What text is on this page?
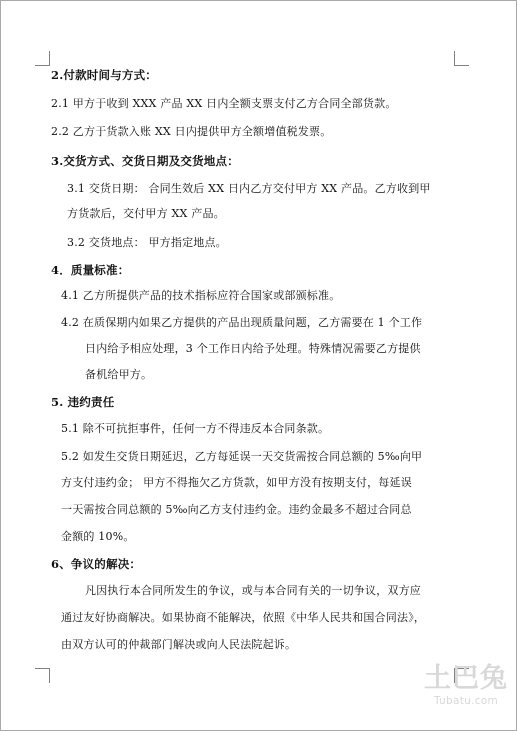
2.付款时间与方式：
2.1 甲方于收到 XXX 产品 XX 日内全额支票支付乙方合同全部货款。
2.2 乙方于货款入账 XX 日内提供甲方全额增值税发票。
3.交货方式、交货日期及交货地点：
3.1 交货日期： 合同生效后 XX 日内乙方交付甲方 XX 产品。乙方收到甲
方货款后，交付甲方 XX 产品。
3.2 交货地点： 甲方指定地点。
4．质量标准：
4.1 乙方所提供产品的技术指标应符合国家或部颁标准。
4.2 在质保期内如果乙方提供的产品出现质量问题，乙方需要在 1 个工作
日内给予相应处理，3 个工作日内给予处理。特殊情况需要乙方提供
备机给甲方。
5. 违约责任
5.1 除不可抗拒事件，任何一方不得违反本合同条款。
5.2 如发生交货日期延迟，乙方每延误一天交货需按合同总额的 5‰向甲
方支付违约金； 甲方不得拖欠乙方货款，如甲方没有按期支付，每延误
一天需按合同总额的 5‰向乙方支付违约金。违约金最多不超过合同总
金额的 10%。
6、争议的解决：
凡因执行本合同所发生的争议，或与本合同有关的一切争议，双方应
通过友好协商解决。如果协商不能解决，依照《中华人民共和国合同法》，
由双方认可的仲裁部门解决或向人民法院起诉。
土巴兔
Tubatu.com
